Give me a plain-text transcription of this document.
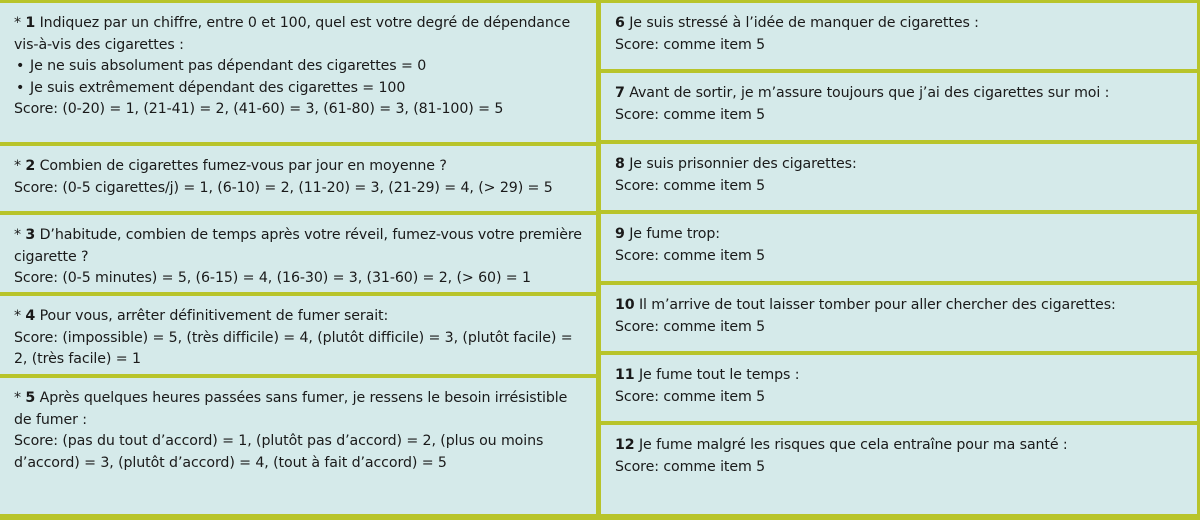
* 1 Indiquez par un chiffre, entre 0 et 100, quel est votre degré de dépendance vis-à-vis des cigarettes :
• Je ne suis absolument pas dépendant des cigarettes = 0
• Je suis extrêmement dépendant des cigarettes = 100
Score: (0-20) = 1, (21-41) = 2, (41-60) = 3, (61-80) = 3, (81-100) = 5
* 2 Combien de cigarettes fumez-vous par jour en moyenne ?
Score: (0-5 cigarettes/j) = 1, (6-10) = 2, (11-20) = 3, (21-29) = 4, (> 29) = 5
* 3 D’habitude, combien de temps après votre réveil, fumez-vous votre première cigarette ?
Score: (0-5 minutes) = 5, (6-15) = 4, (16-30) = 3, (31-60) = 2, (> 60) = 1
* 4 Pour vous, arrêter définitivement de fumer serait:
Score: (impossible) = 5, (très difficile) = 4, (plutôt difficile) = 3, (plutôt facile) = 2, (très facile) = 1
* 5 Après quelques heures passées sans fumer, je ressens le besoin irrésistible de fumer :
Score: (pas du tout d’accord) = 1, (plutôt pas d’accord) = 2, (plus ou moins d’accord) = 3, (plutôt d’accord) = 4, (tout à fait d’accord) = 5
6 Je suis stressé à l’idée de manquer de cigarettes :
Score: comme item 5
7 Avant de sortir, je m’assure toujours que j’ai des cigarettes sur moi :
Score: comme item 5
8 Je suis prisonnier des cigarettes:
Score: comme item 5
9 Je fume trop:
Score: comme item 5
10 Il m’arrive de tout laisser tomber pour aller chercher des cigarettes:
Score: comme item 5
11 Je fume tout le temps :
Score: comme item 5
12 Je fume malgré les risques que cela entraîne pour ma santé :
Score: comme item 5
